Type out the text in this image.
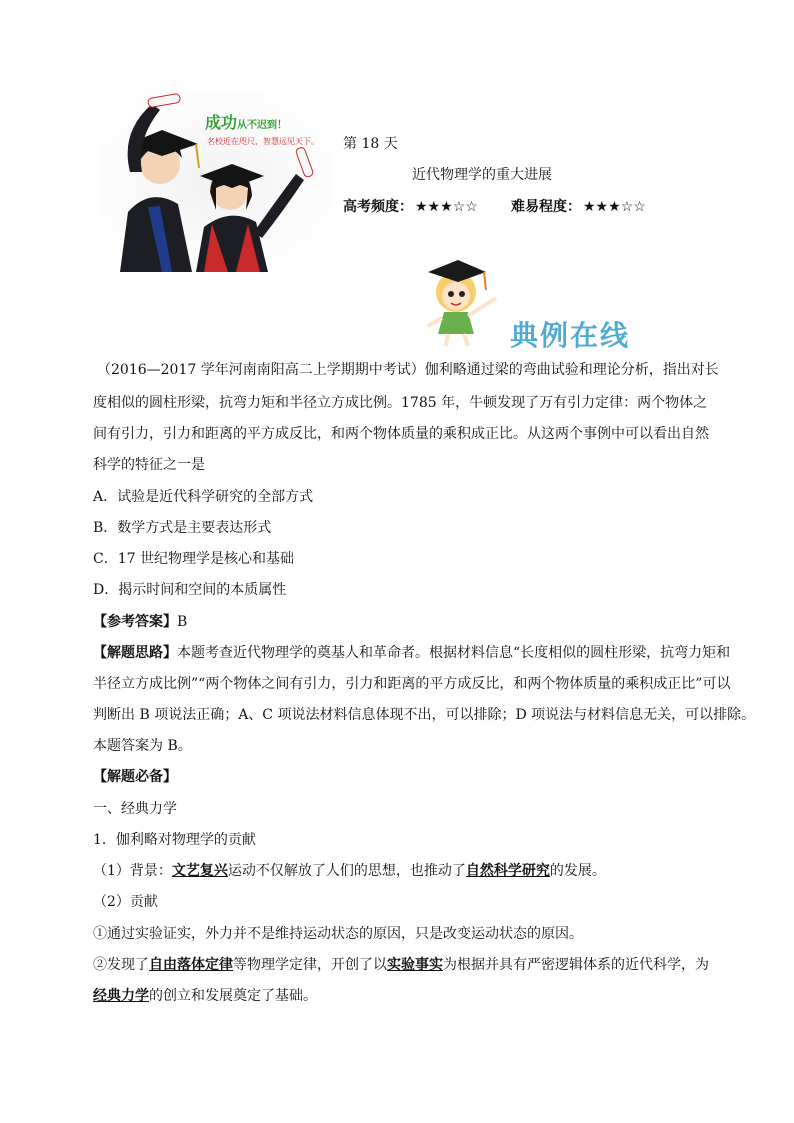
成功从不迟到！
名校近在咫尺，智慧远见天下。 第 18 天
近代物理学的重大进展
高考频度： ★★★☆☆ 难易程度： ★★★☆☆
典例在线
（2016—2017 学年河南南阳高二上学期期中考试）伽利略通过梁的弯曲试验和理论分析，指出对长
度相似的圆柱形梁，抗弯力矩和半径立方成比例。1785 年，牛顿发现了万有引力定律：两个物体之
间有引力，引力和距离的平方成反比，和两个物体质量的乘积成正比。从这两个事例中可以看出自然
科学的特征之一是
A．试验是近代科学研究的全部方式
B．数学方式是主要表达形式
C．17 世纪物理学是核心和基础
D．揭示时间和空间的本质属性
【参考答案】B
【解题思路】本题考查近代物理学的奠基人和革命者。根据材料信息“长度相似的圆柱形梁，抗弯力矩和
半径立方成比例”“两个物体之间有引力，引力和距离的平方成反比，和两个物体质量的乘积成正比”可以
判断出 B 项说法正确；A、C 项说法材料信息体现不出，可以排除；D 项说法与材料信息无关，可以排除。
本题答案为 B。
【解题必备】
一、经典力学
1．伽利略对物理学的贡献
（1）背景：文艺复兴运动不仅解放了人们的思想，也推动了自然科学研究的发展。
（2）贡献
①通过实验证实，外力并不是维持运动状态的原因，只是改变运动状态的原因。
②发现了自由落体定律等物理学定律，开创了以实验事实为根据并具有严密逻辑体系的近代科学，为
经典力学的创立和发展奠定了基础。
